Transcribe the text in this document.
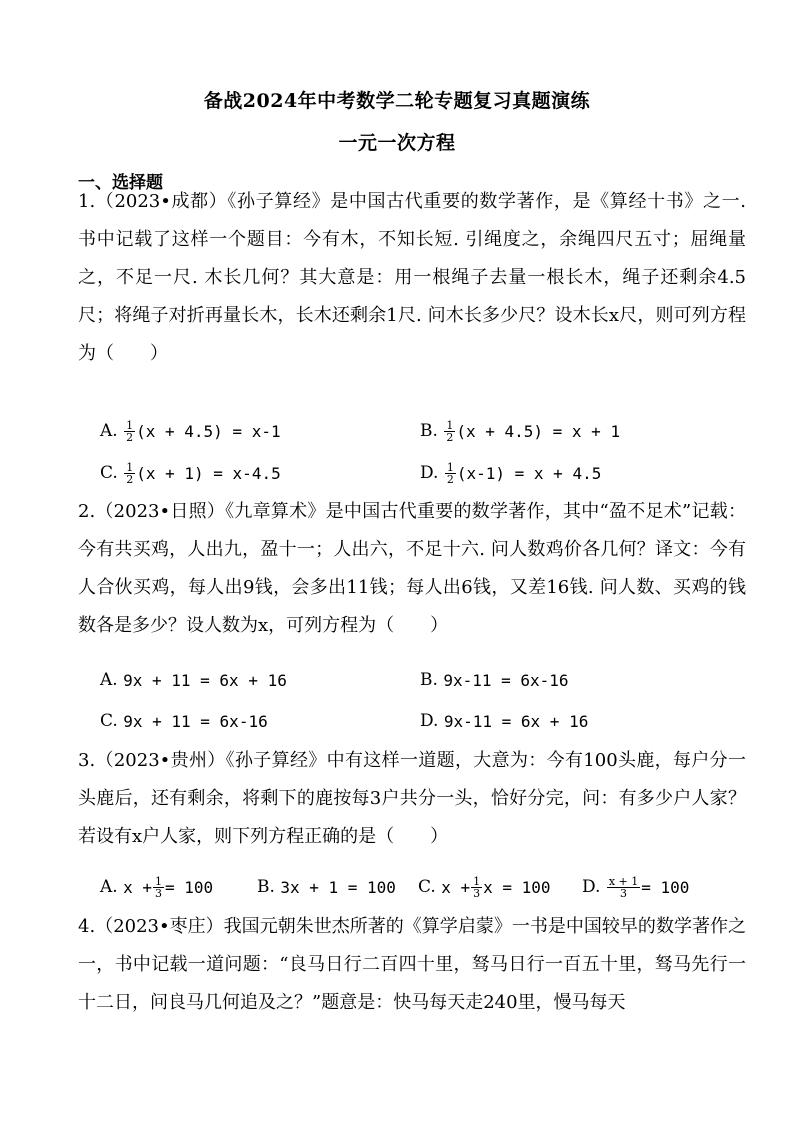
备战2024年中考数学二轮专题复习真题演练
一元一次方程
一、选择题
1.（2023•成都）《孙子算经》是中国古代重要的数学著作，是《算经十书》之一. 书中记载了这样一个题目：今有木，不知长短. 引绳度之，余绳四尺五寸；屈绳量之，不足一尺. 木长几何？其大意是：用一根绳子去量一根长木，绳子还剩余4.5尺；将绳子对折再量长木，长木还剩余1尺. 问木长多少尺？设木长x尺，则可列方程为（　　）
A.
$\frac{1}{2} (x + 4.5) = x-1$	B.
$\frac{1}{2} (x + 4.5) = x + 1$
C.
$\frac{1}{2} (x + 1) = x-4.5$	D.
$\frac{1}{2} (x-1) = x + 4.5$
2.（2023•日照）《九章算术》是中国古代重要的数学著作，其中“盈不足术”记载：今有共买鸡，人出九，盈十一；人出六，不足十六. 问人数鸡价各几何？译文：今有人合伙买鸡，每人出9钱，会多出11钱；每人出6钱，又差16钱. 问人数、买鸡的钱数各是多少？设人数为x，可列方程为（　　）
A.
9x + 11 = 6x + 16	B.
9x-11 = 6x-16
C.
9x + 11 = 6x-16	D.
9x-11 = 6x + 16
3.（2023•贵州）《孙子算经》中有这样一道题，大意为：今有100头鹿，每户分一头鹿后，还有剩余，将剩下的鹿按每3户共分一头，恰好分完，问：有多少户人家？若设有x户人家，则下列方程正确的是（　　）
A.
$x + \frac{1}{3} = 100$	B.
3x + 1 = 100 C.
$x + \frac{1}{3}$ x = 100 D.
$\frac{x + 1}{3} = 100$
4.（2023•枣庄）我国元朝朱世杰所著的《算学启蒙》一书是中国较早的数学著作之一，书中记载一道问题：“良马日行二百四十里，驽马日行一百五十里，驽马先行一十二日，问良马几何追及之？”题意是：快马每天走240里，慢马每天
